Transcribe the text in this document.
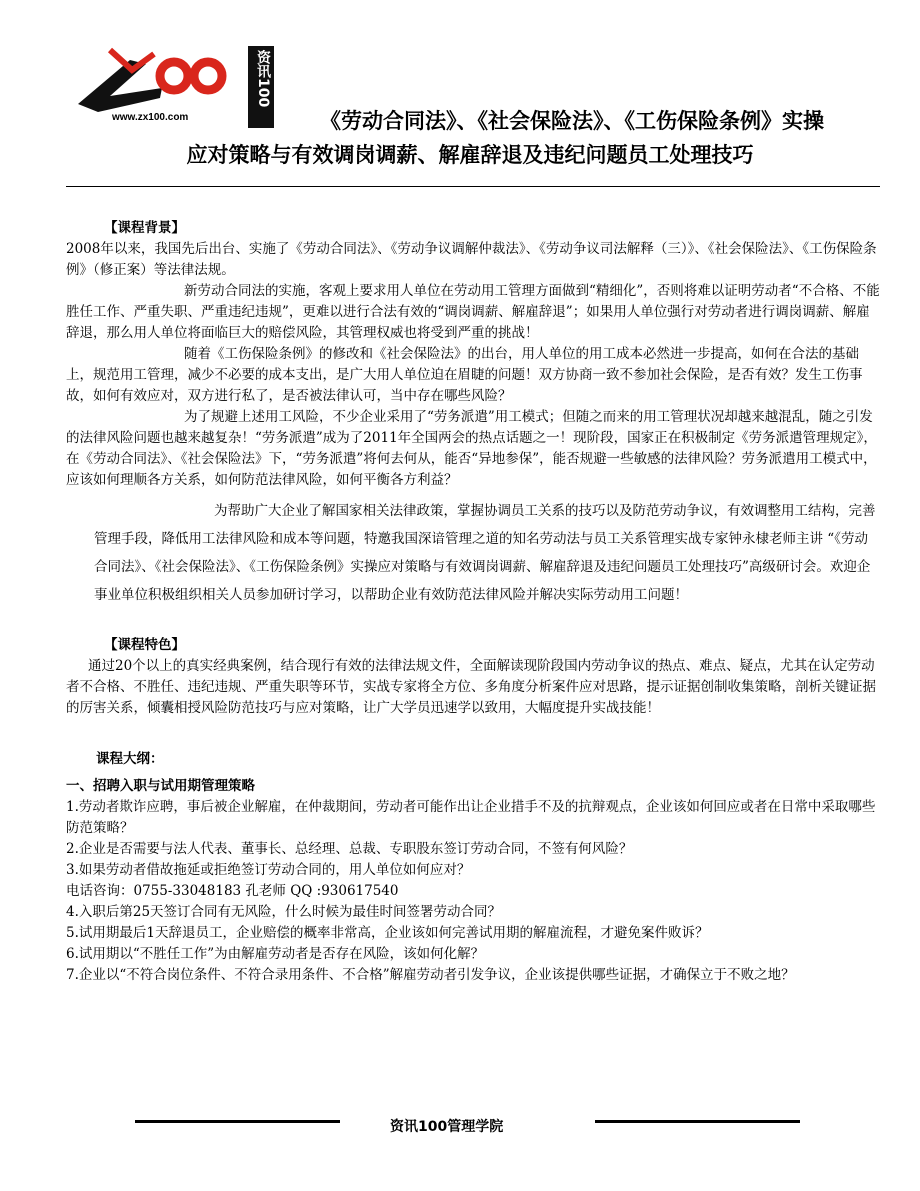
www.zx100.com
资讯100
《劳动合同法》、《社会保险法》、《工伤保险条例》实操
应对策略与有效调岗调薪、解雇辞退及违纪问题员工处理技巧

【课程背景】

2008年以来，我国先后出台、实施了《劳动合同法》、《劳动争议调解仲裁法》、《劳动争议司法解释（三）》、《社会保险法》、《工伤保险条例》（修正案）等法律法规。

新劳动合同法的实施，客观上要求用人单位在劳动用工管理方面做到“精细化”，否则将难以证明劳动者“不合格、不能胜任工作、严重失职、严重违纪违规”，更难以进行合法有效的“调岗调薪、解雇辞退”；如果用人单位强行对劳动者进行调岗调薪、解雇辞退，那么用人单位将面临巨大的赔偿风险，其管理权威也将受到严重的挑战！

随着《工伤保险条例》的修改和《社会保险法》的出台，用人单位的用工成本必然进一步提高，如何在合法的基础上，规范用工管理，减少不必要的成本支出，是广大用人单位迫在眉睫的问题！双方协商一致不参加社会保险，是否有效？发生工伤事故，如何有效应对，双方进行私了，是否被法律认可，当中存在哪些风险？

为了规避上述用工风险，不少企业采用了“劳务派遣”用工模式；但随之而来的用工管理状况却越来越混乱，随之引发的法律风险问题也越来越复杂！“劳务派遣”成为了2011年全国两会的热点话题之一！现阶段，国家正在积极制定《劳务派遣管理规定》，在《劳动合同法》、《社会保险法》下，“劳务派遣”将何去何从，能否“异地参保”，能否规避一些敏感的法律风险？劳务派遣用工模式中，应该如何理顺各方关系，如何防范法律风险，如何平衡各方利益？

为帮助广大企业了解国家相关法律政策，掌握协调员工关系的技巧以及防范劳动争议，有效调整用工结构，完善管理手段，降低用工法律风险和成本等问题，特邀我国深谙管理之道的知名劳动法与员工关系管理实战专家钟永棣老师主讲 “《劳动合同法》、《社会保险法》、《工伤保险条例》实操应对策略与有效调岗调薪、解雇辞退及违纪问题员工处理技巧”高级研讨会。欢迎企事业单位积极组织相关人员参加研讨学习，以帮助企业有效防范法律风险并解决实际劳动用工问题！

【课程特色】

通过20个以上的真实经典案例，结合现行有效的法律法规文件，全面解读现阶段国内劳动争议的热点、难点、疑点，尤其在认定劳动者不合格、不胜任、违纪违规、严重失职等环节，实战专家将全方位、多角度分析案件应对思路，提示证据创制收集策略，剖析关键证据的厉害关系，倾囊相授风险防范技巧与应对策略，让广大学员迅速学以致用，大幅度提升实战技能！

课程大纲：

一、招聘入职与试用期管理策略

1.劳动者欺诈应聘，事后被企业解雇，在仲裁期间，劳动者可能作出让企业措手不及的抗辩观点，企业该如何回应或者在日常中采取哪些防范策略？

2.企业是否需要与法人代表、董事长、总经理、总裁、专职股东签订劳动合同，不签有何风险？

3.如果劳动者借故拖延或拒绝签订劳动合同的，用人单位如何应对？

电话咨询：0755-33048183 孔老师 QQ :930617540

4.入职后第25天签订合同有无风险，什么时候为最佳时间签署劳动合同？

5.试用期最后1天辞退员工，企业赔偿的概率非常高，企业该如何完善试用期的解雇流程，才避免案件败诉？

6.试用期以“不胜任工作”为由解雇劳动者是否存在风险，该如何化解？

7.企业以“不符合岗位条件、不符合录用条件、不合格”解雇劳动者引发争议，企业该提供哪些证据，才确保立于不败之地？

资讯100管理学院
